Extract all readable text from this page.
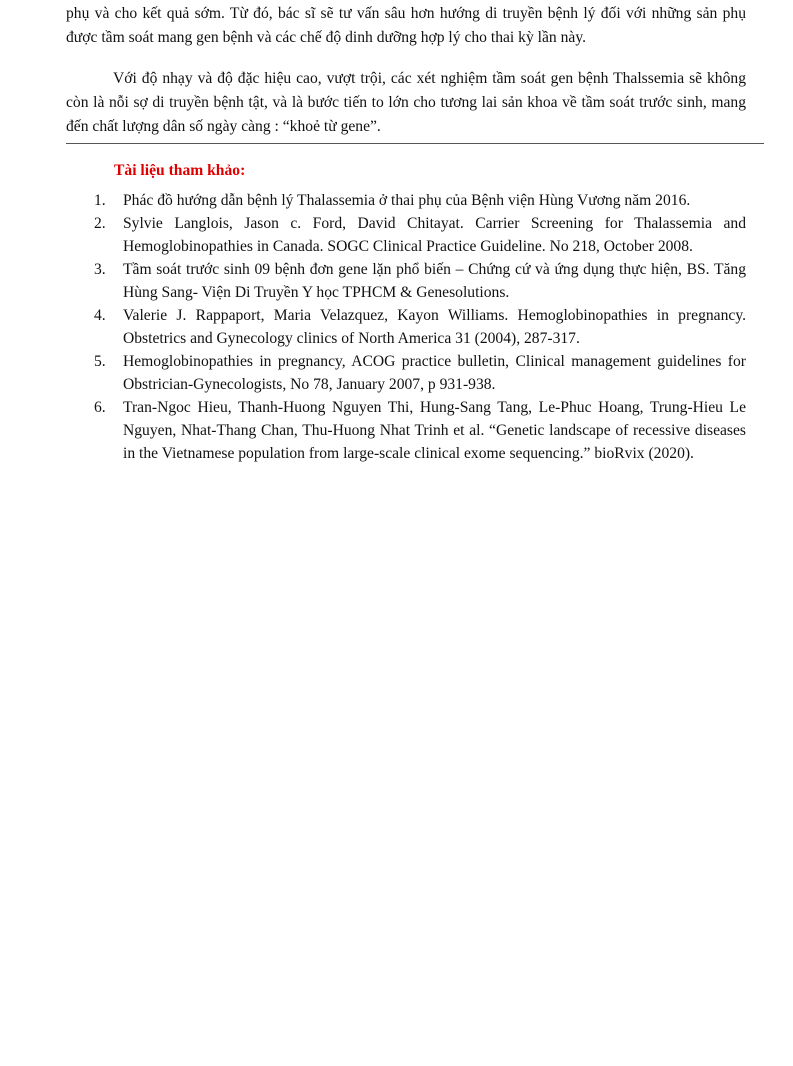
phụ và cho kết quả sớm. Từ đó, bác sĩ sẽ tư vấn sâu hơn hướng di truyền bệnh lý đối với những sản phụ được tầm soát mang gen bệnh và các chế độ dinh dưỡng hợp lý cho thai kỳ lần này.

Với độ nhạy và độ đặc hiệu cao, vượt trội, các xét nghiệm tầm soát gen bệnh Thalssemia sẽ không còn là nỗi sợ di truyền bệnh tật, và là bước tiến to lớn cho tương lai sản khoa về tầm soát trước sinh, mang đến chất lượng dân số ngày càng : “khoẻ từ gene”.

Tài liệu tham khảo:
1.	Phác đồ hướng dẫn bệnh lý Thalassemia ở thai phụ của Bệnh viện Hùng Vương năm 2016.
2.	Sylvie Langlois, Jason c. Ford, David Chitayat. Carrier Screening for Thalassemia and Hemoglobinopathies in Canada. SOGC Clinical Practice Guideline. No 218, October 2008.
3.	Tầm soát trước sinh 09 bệnh đơn gene lặn phổ biến – Chứng cứ và ứng dụng thực hiện, BS. Tăng Hùng Sang- Viện Di Truyền Y học TPHCM & Genesolutions.
4.	Valerie J. Rappaport, Maria Velazquez, Kayon Williams. Hemoglobinopathies in pregnancy. Obstetrics and Gynecology clinics of North America 31 (2004), 287-317.
5.	Hemoglobinopathies in pregnancy, ACOG practice bulletin, Clinical management guidelines for Obstrician-Gynecologists, No 78, January 2007, p 931-938.
6.	Tran-Ngoc Hieu, Thanh-Huong Nguyen Thi, Hung-Sang Tang, Le-Phuc Hoang, Trung-Hieu Le Nguyen, Nhat-Thang Chan, Thu-Huong Nhat Trinh et al. “Genetic landscape of recessive diseases in the Vietnamese population from large-scale clinical exome sequencing.” bioRvix (2020).
